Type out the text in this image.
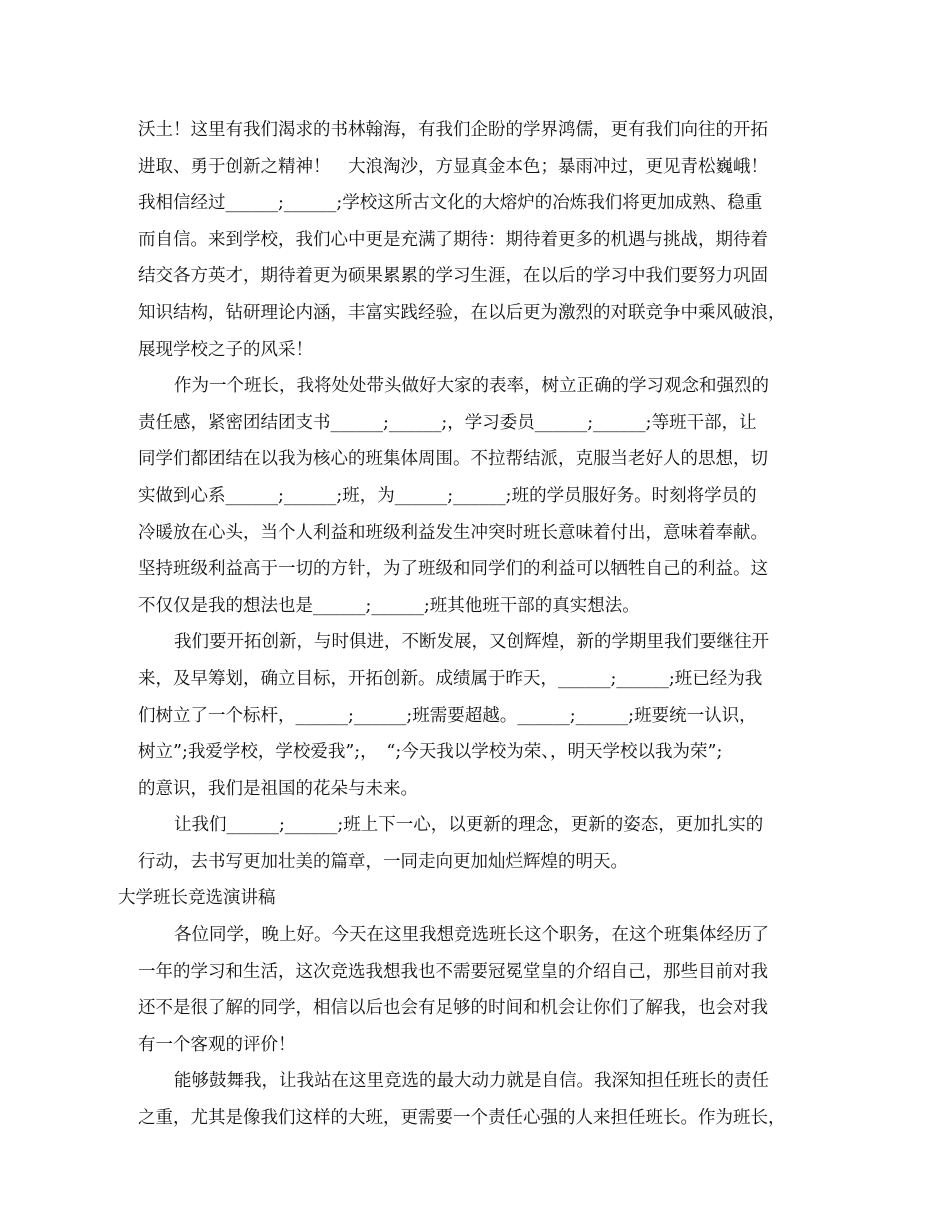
沃土！这里有我们渴求的书林翰海，有我们企盼的学界鸿儒，更有我们向往的开拓
进取、勇于创新之精神！　大浪淘沙，方显真金本色；暴雨冲过，更见青松巍峨！
我相信经过______;______;学校这所古文化的大熔炉的冶炼我们将更加成熟、稳重
而自信。来到学校，我们心中更是充满了期待：期待着更多的机遇与挑战，期待着
结交各方英才，期待着更为硕果累累的学习生涯，在以后的学习中我们要努力巩固
知识结构，钻研理论内涵，丰富实践经验，在以后更为激烈的对联竞争中乘风破浪，
展现学校之子的风采！
作为一个班长，我将处处带头做好大家的表率，树立正确的学习观念和强烈的
责任感，紧密团结团支书______;______;，学习委员______;______;等班干部，让
同学们都团结在以我为核心的班集体周围。不拉帮结派，克服当老好人的思想，切
实做到心系______;______;班，为______;______;班的学员服好务。时刻将学员的
冷暖放在心头，当个人利益和班级利益发生冲突时班长意味着付出，意味着奉献。
坚持班级利益高于一切的方针，为了班级和同学们的利益可以牺牲自己的利益。这
不仅仅是我的想法也是______;______;班其他班干部的真实想法。
我们要开拓创新，与时俱进，不断发展，又创辉煌，新的学期里我们要继往开
来，及早筹划，确立目标，开拓创新。成绩属于昨天，______;______;班已经为我
们树立了一个标杆，______;______;班需要超越。______;______;班要统一认识，
树立”;我爱学校，学校爱我”;，　“;今天我以学校为荣、，明天学校以我为荣”;
的意识，我们是祖国的花朵与未来。
让我们______;______;班上下一心，以更新的理念，更新的姿态，更加扎实的
行动，去书写更加壮美的篇章，一同走向更加灿烂辉煌的明天。
大学班长竞选演讲稿
各位同学，晚上好。今天在这里我想竞选班长这个职务，在这个班集体经历了
一年的学习和生活，这次竞选我想我也不需要冠冕堂皇的介绍自己，那些目前对我
还不是很了解的同学，相信以后也会有足够的时间和机会让你们了解我，也会对我
有一个客观的评价！
能够鼓舞我，让我站在这里竞选的最大动力就是自信。我深知担任班长的责任
之重，尤其是像我们这样的大班，更需要一个责任心强的人来担任班长。作为班长，
